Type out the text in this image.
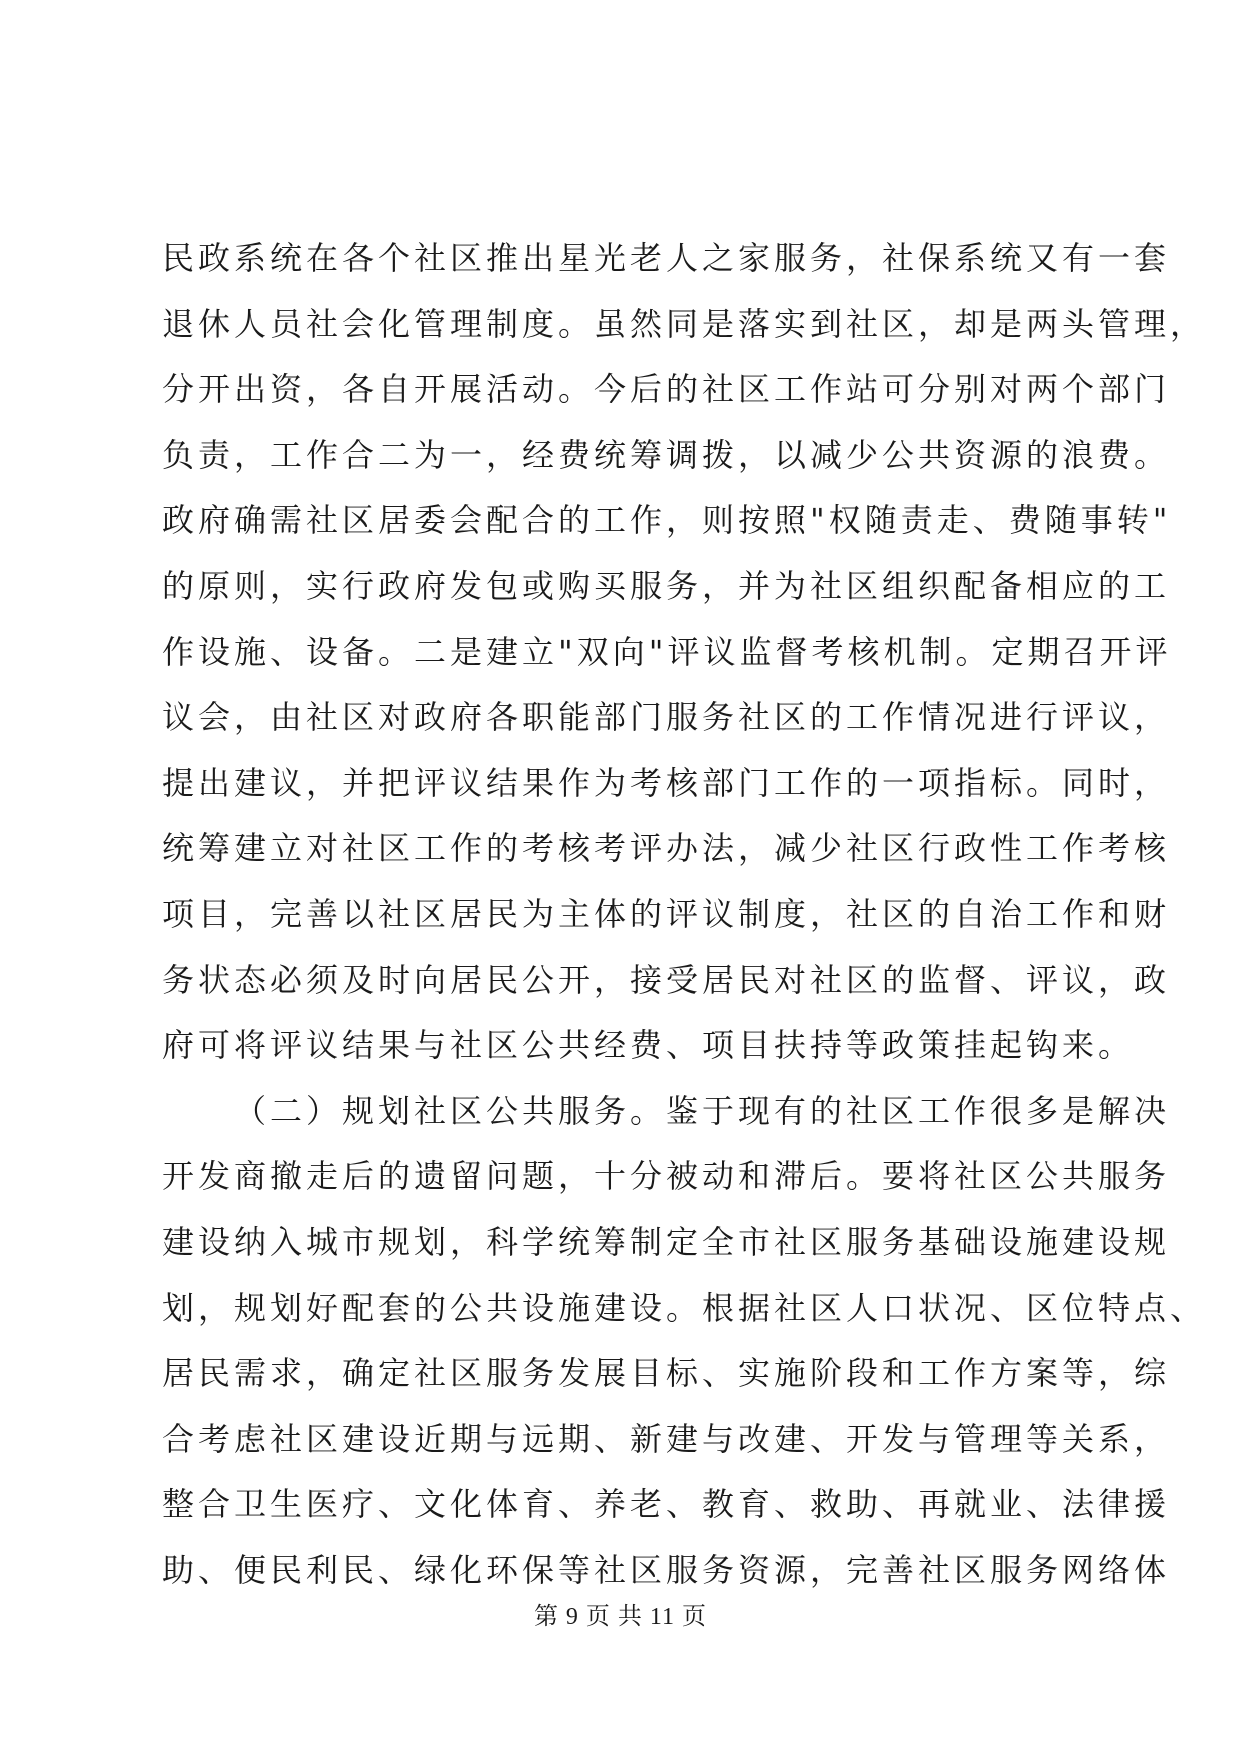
民政系统在各个社区推出星光老人之家服务，社保系统又有一套
退休人员社会化管理制度。虽然同是落实到社区，却是两头管理，
分开出资，各自开展活动。今后的社区工作站可分别对两个部门
负责，工作合二为一，经费统筹调拨，以减少公共资源的浪费。
政府确需社区居委会配合的工作，则按照"权随责走、费随事转"
的原则，实行政府发包或购买服务，并为社区组织配备相应的工
作设施、设备。二是建立"双向"评议监督考核机制。定期召开评
议会，由社区对政府各职能部门服务社区的工作情况进行评议，
提出建议，并把评议结果作为考核部门工作的一项指标。同时，
统筹建立对社区工作的考核考评办法，减少社区行政性工作考核
项目，完善以社区居民为主体的评议制度，社区的自治工作和财
务状态必须及时向居民公开，接受居民对社区的监督、评议，政
府可将评议结果与社区公共经费、项目扶持等政策挂起钩来。
（二）规划社区公共服务。鉴于现有的社区工作很多是解决
开发商撤走后的遗留问题，十分被动和滞后。要将社区公共服务
建设纳入城市规划，科学统筹制定全市社区服务基础设施建设规
划，规划好配套的公共设施建设。根据社区人口状况、区位特点、
居民需求，确定社区服务发展目标、实施阶段和工作方案等，综
合考虑社区建设近期与远期、新建与改建、开发与管理等关系，
整合卫生医疗、文化体育、养老、教育、救助、再就业、法律援
助、便民利民、绿化环保等社区服务资源，完善社区服务网络体
第 9 页 共 11 页
